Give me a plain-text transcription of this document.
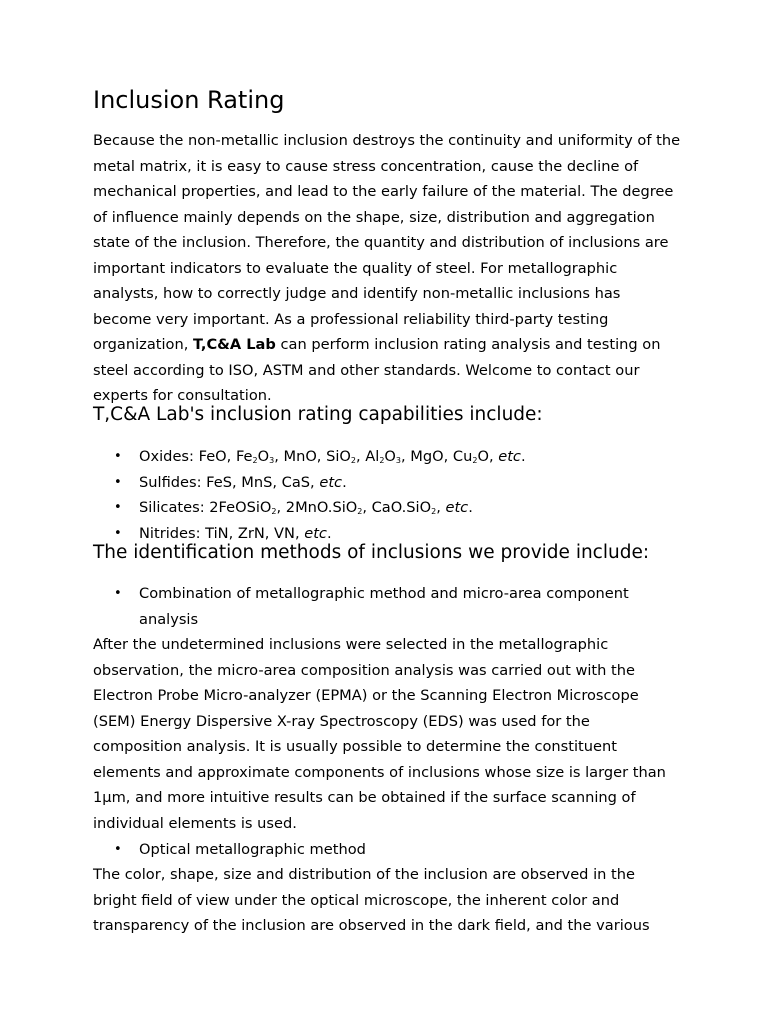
Inclusion Rating

Because the non-metallic inclusion destroys the continuity and uniformity of the metal matrix, it is easy to cause stress concentration, cause the decline of mechanical properties, and lead to the early failure of the material. The degree of influence mainly depends on the shape, size, distribution and aggregation state of the inclusion. Therefore, the quantity and distribution of inclusions are important indicators to evaluate the quality of steel. For metallographic analysts, how to correctly judge and identify non-metallic inclusions has become very important. As a professional reliability third-party testing organization, T,C&A Lab can perform inclusion rating analysis and testing on steel according to ISO, ASTM and other standards. Welcome to contact our experts for consultation.

T,C&A Lab's inclusion rating capabilities include:
• Oxides: FeO, $Fe_2O_3$, MnO, SiO$_2$, $Al_2O_3$, MgO, $Cu_2O$, etc.
• Sulfides: FeS, MnS, CaS, etc.
• Silicates: 2FeOSiO$_2$, 2MnO.SiO$_2$, CaO.SiO$_2$, etc.
• Nitrides: TiN, ZrN, VN, etc.
The identification methods of inclusions we provide include:
• Combination of metallographic method and micro-area component analysis

After the undetermined inclusions were selected in the metallographic observation, the micro-area composition analysis was carried out with the Electron Probe Micro-analyzer (EPMA) or the Scanning Electron Microscope (SEM) Energy Dispersive X-ray Spectroscopy (EDS) was used for the composition analysis. It is usually possible to determine the constituent elements and approximate components of inclusions whose size is larger than 1μm, and more intuitive results can be obtained if the surface scanning of individual elements is used.

• Optical metallographic method

The color, shape, size and distribution of the inclusion are observed in the bright field of view under the optical microscope, the inherent color and transparency of the inclusion are observed in the dark field, and the various
